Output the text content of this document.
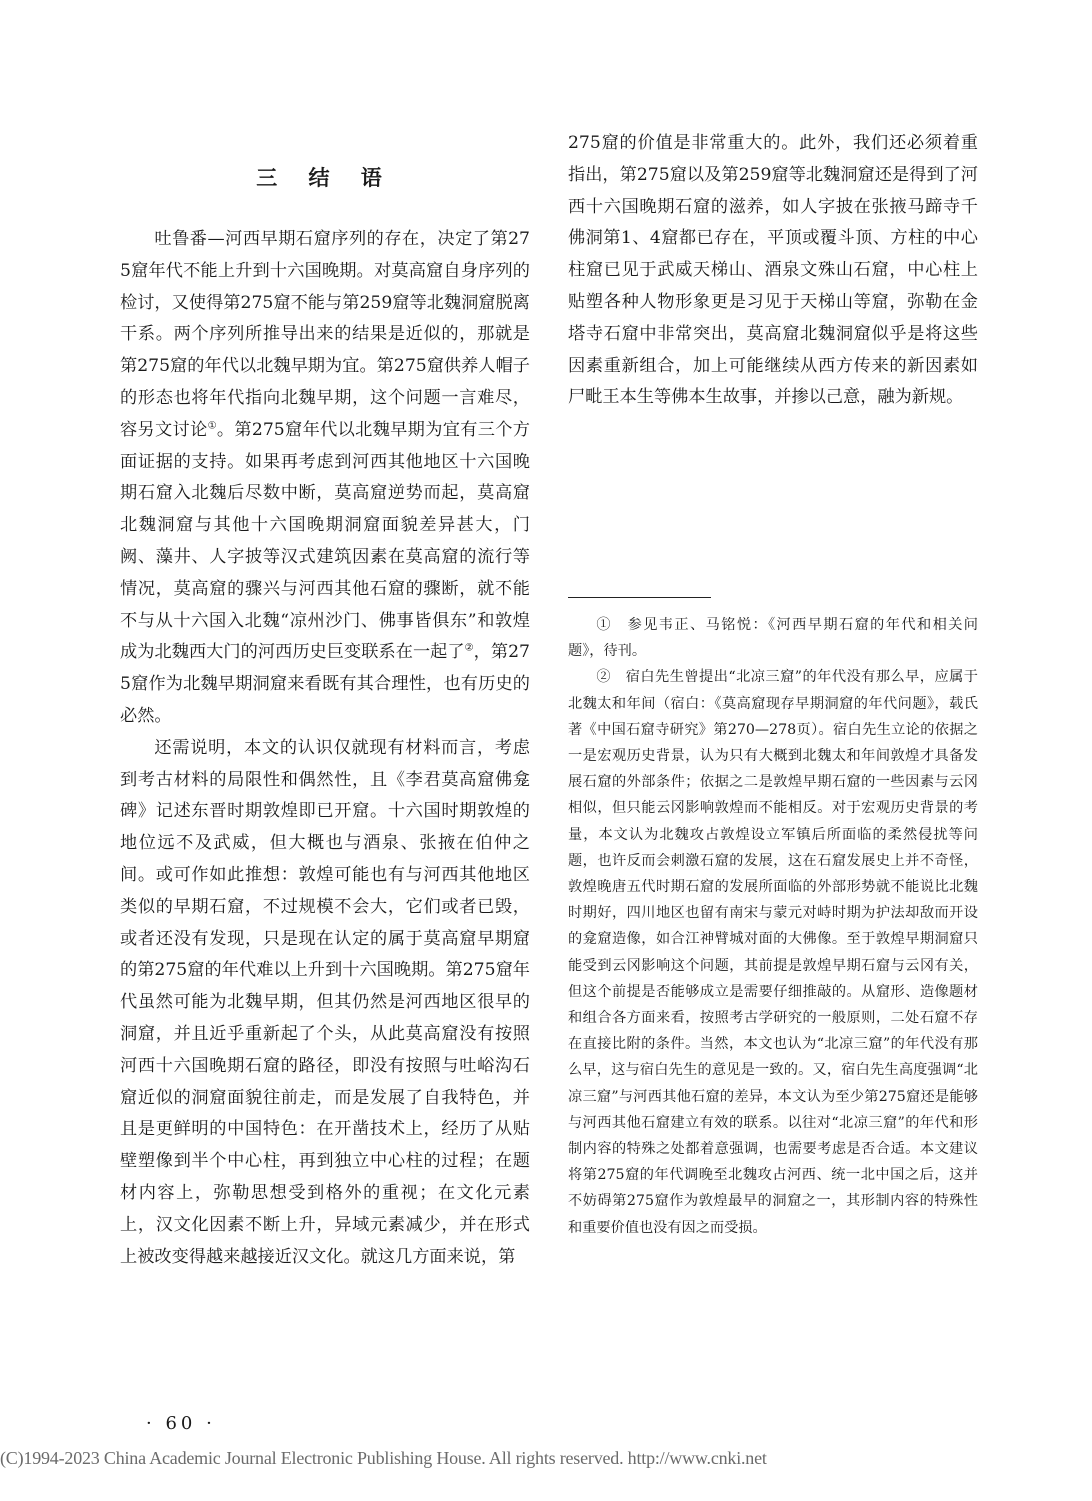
三 结 语

吐鲁番—河西早期石窟序列的存在，决定了第275窟年代不能上升到十六国晚期。对莫高窟自身序列的检讨，又使得第275窟不能与第259窟等北魏洞窟脱离干系。两个序列所推导出来的结果是近似的，那就是第275窟的年代以北魏早期为宜。第275窟供养人帽子的形态也将年代指向北魏早期，这个问题一言难尽，容另文讨论①。第275窟年代以北魏早期为宜有三个方面证据的支持。如果再考虑到河西其他地区十六国晚期石窟入北魏后尽数中断，莫高窟逆势而起，莫高窟北魏洞窟与其他十六国晚期洞窟面貌差异甚大，门阙、藻井、人字披等汉式建筑因素在莫高窟的流行等情况，莫高窟的骤兴与河西其他石窟的骤断，就不能不与从十六国入北魏“凉州沙门、佛事皆俱东”和敦煌成为北魏西大门的河西历史巨变联系在一起了②，第275窟作为北魏早期洞窟来看既有其合理性，也有历史的必然。

还需说明，本文的认识仅就现有材料而言，考虑到考古材料的局限性和偶然性，且《李君莫高窟佛龛碑》记述东晋时期敦煌即已开窟。十六国时期敦煌的地位远不及武威，但大概也与酒泉、张掖在伯仲之间。或可作如此推想：敦煌可能也有与河西其他地区类似的早期石窟，不过规模不会大，它们或者已毁，或者还没有发现，只是现在认定的属于莫高窟早期窟的第275窟的年代难以上升到十六国晚期。第275窟年代虽然可能为北魏早期，但其仍然是河西地区很早的洞窟，并且近乎重新起了个头，从此莫高窟没有按照河西十六国晚期石窟的路径，即没有按照与吐峪沟石窟近似的洞窟面貌往前走，而是发展了自我特色，并且是更鲜明的中国特色：在开凿技术上，经历了从贴壁塑像到半个中心柱，再到独立中心柱的过程；在题材内容上，弥勒思想受到格外的重视；在文化元素上，汉文化因素不断上升，异域元素减少，并在形式上被改变得越来越接近汉文化。就这几方面来说，第

275窟的价值是非常重大的。此外，我们还必须着重指出，第275窟以及第259窟等北魏洞窟还是得到了河西十六国晚期石窟的滋养，如人字披在张掖马蹄寺千佛洞第1、4窟都已存在，平顶或覆斗顶、方柱的中心柱窟已见于武威天梯山、酒泉文殊山石窟，中心柱上贴塑各种人物形象更是习见于天梯山等窟，弥勒在金塔寺石窟中非常突出，莫高窟北魏洞窟似乎是将这些因素重新组合，加上可能继续从西方传来的新因素如尸毗王本生等佛本生故事，并掺以己意，融为新规。

①　参见韦正、马铭悦：《河西早期石窟的年代和相关问题》，待刊。

②　宿白先生曾提出“北凉三窟”的年代没有那么早，应属于北魏太和年间（宿白：《莫高窟现存早期洞窟的年代问题》，载氏著《中国石窟寺研究》第270—278页）。宿白先生立论的依据之一是宏观历史背景，认为只有大概到北魏太和年间敦煌才具备发展石窟的外部条件；依据之二是敦煌早期石窟的一些因素与云冈相似，但只能云冈影响敦煌而不能相反。对于宏观历史背景的考量，本文认为北魏攻占敦煌设立军镇后所面临的柔然侵扰等问题，也许反而会刺激石窟的发展，这在石窟发展史上并不奇怪，敦煌晚唐五代时期石窟的发展所面临的外部形势就不能说比北魏时期好，四川地区也留有南宋与蒙元对峙时期为护法却敌而开设的龛窟造像，如合江神臂城对面的大佛像。至于敦煌早期洞窟只能受到云冈影响这个问题，其前提是敦煌早期石窟与云冈有关，但这个前提是否能够成立是需要仔细推敲的。从窟形、造像题材和组合各方面来看，按照考古学研究的一般原则，二处石窟不存在直接比附的条件。当然，本文也认为“北凉三窟”的年代没有那么早，这与宿白先生的意见是一致的。又，宿白先生高度强调“北凉三窟”与河西其他石窟的差异，本文认为至少第275窟还是能够与河西其他石窟建立有效的联系。以往对“北凉三窟”的年代和形制内容的特殊之处都着意强调，也需要考虑是否合适。本文建议将第275窟的年代调晚至北魏攻占河西、统一北中国之后，这并不妨碍第275窟作为敦煌最早的洞窟之一，其形制内容的特殊性和重要价值也没有因之而受损。

· 60 ·
(C)1994-2023 China Academic Journal Electronic Publishing House. All rights reserved. http://www.cnki.net
